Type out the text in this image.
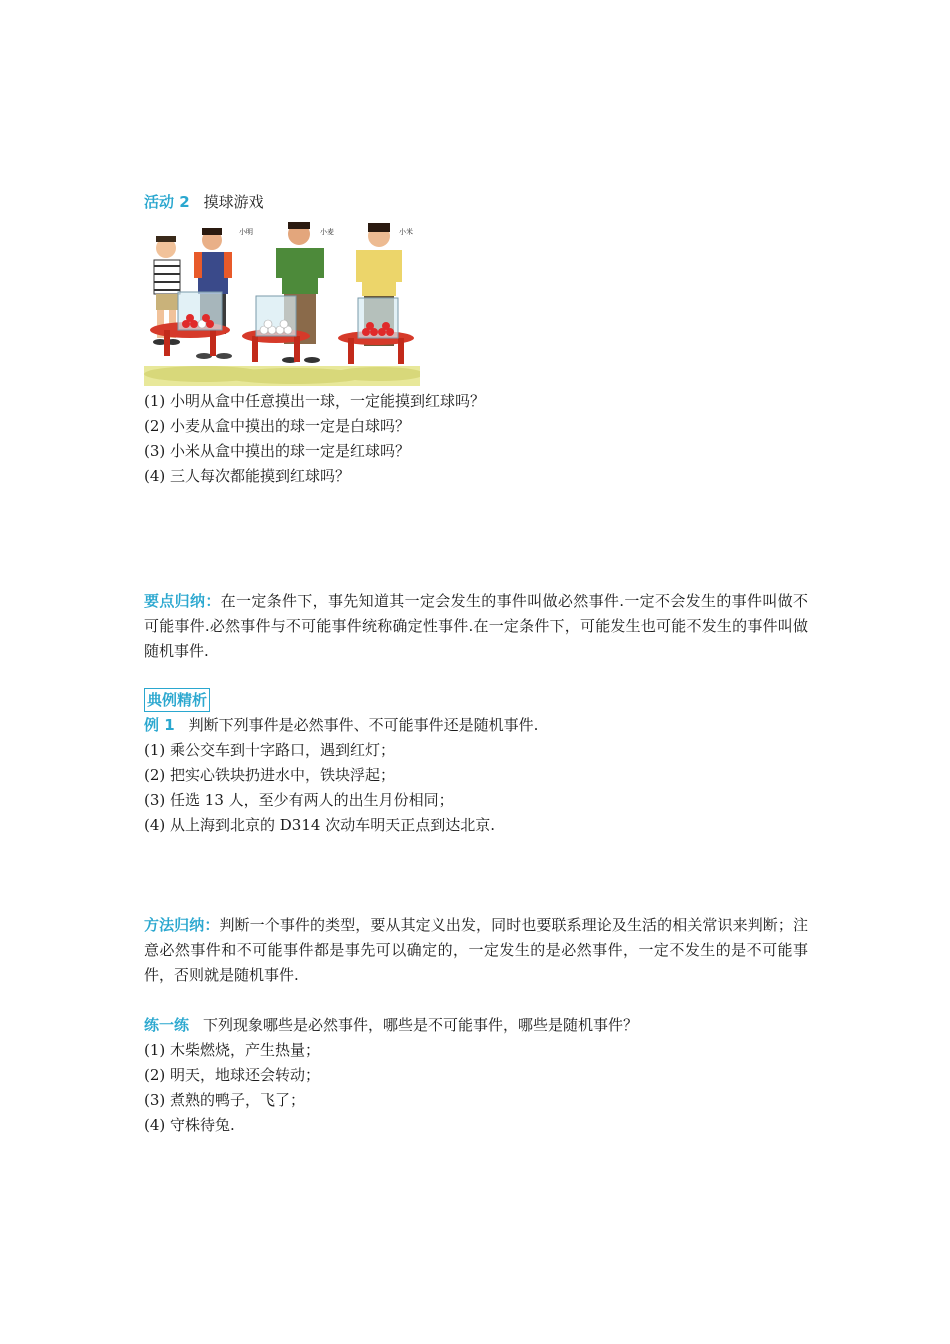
活动 2 摸球游戏
小明	小麦	小米
(1) 小明从盒中任意摸出一球，一定能摸到红球吗？
(2) 小麦从盒中摸出的球一定是白球吗？
(3) 小米从盒中摸出的球一定是红球吗？
(4) 三人每次都能摸到红球吗？
要点归纳：在一定条件下，事先知道其一定会发生的事件叫做必然事件.一定不会发生的事件叫做不可能事件.必然事件与不可能事件统称确定性事件.在一定条件下，可能发生也可能不发生的事件叫做随机事件.
典例精析
例 1 判断下列事件是必然事件、不可能事件还是随机事件.
(1) 乘公交车到十字路口，遇到红灯；
(2) 把实心铁块扔进水中，铁块浮起；
(3) 任选 13 人，至少有两人的出生月份相同；
(4) 从上海到北京的 D314 次动车明天正点到达北京.
方法归纳：判断一个事件的类型，要从其定义出发，同时也要联系理论及生活的相关常识来判断；注意必然事件和不可能事件都是事先可以确定的，一定发生的是必然事件，一定不发生的是不可能事件，否则就是随机事件.
练一练 下列现象哪些是必然事件，哪些是不可能事件，哪些是随机事件？
(1) 木柴燃烧，产生热量；
(2) 明天，地球还会转动；
(3) 煮熟的鸭子，飞了；
(4) 守株待兔.
